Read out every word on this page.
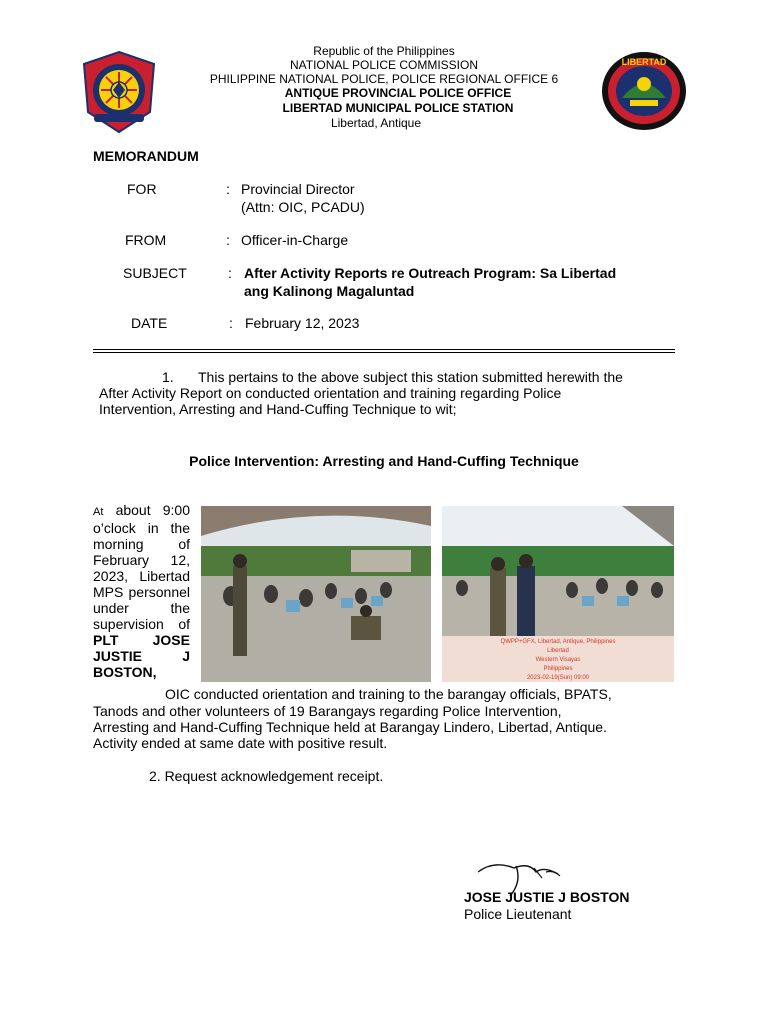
Republic of the Philippines
NATIONAL POLICE COMMISSION
PHILIPPINE NATIONAL POLICE, POLICE REGIONAL OFFICE 6
ANTIQUE PROVINCIAL POLICE OFFICE
LIBERTAD MUNICIPAL POLICE STATION
Libertad, Antique
LIBERTAD
MEMORANDUM
FOR	: Provincial Director
(Attn: OIC, PCADU)
FROM	: Officer-in-Charge
SUBJECT	: After Activity Reports re Outreach Program: Sa Libertad
ang Kalinong Magaluntad
DATE	: February 12, 2023
1. This pertains to the above subject this station submitted herewith the
After Activity Report on conducted orientation and training regarding Police
Intervention, Arresting and Hand-Cuffing Technique to wit;
Police Intervention: Arresting and Hand-Cuffing Technique
At about 9:00 o’clock in the morning of February 12, 2023, Libertad MPS personnel under the supervision of PLT JOSE JUSTIE J BOSTON,
QWPP+GFX, Libertad, Antique, Philippines
Libertad
Western Visayas
Philippines
2023-02-19(Sun) 09:00
OIC conducted orientation and training to the barangay officials, BPATS,
Tanods and other volunteers of 19 Barangays regarding Police Intervention,
Arresting and Hand-Cuffing Technique held at Barangay Lindero, Libertad, Antique.
Activity ended at same date with positive result.
2. Request acknowledgement receipt.
JOSE JUSTIE J BOSTON
Police Lieutenant
